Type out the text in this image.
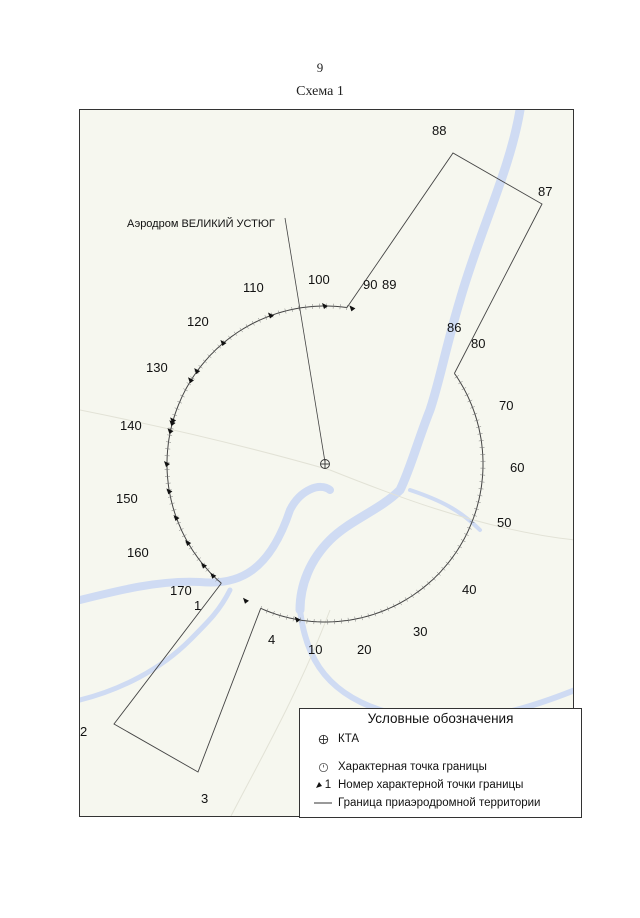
9
Схема 1
Аэродром ВЕЛИКИЙ УСТЮГ
10	20
30
40
50
60
70
80
90
100
110
120
130
140
150
160
170
1
4
86
87
88
89
2
3
Условные обозначения
КТА
Характерная точка границы
1 Номер характерной точки границы
Граница приаэродромной территории
